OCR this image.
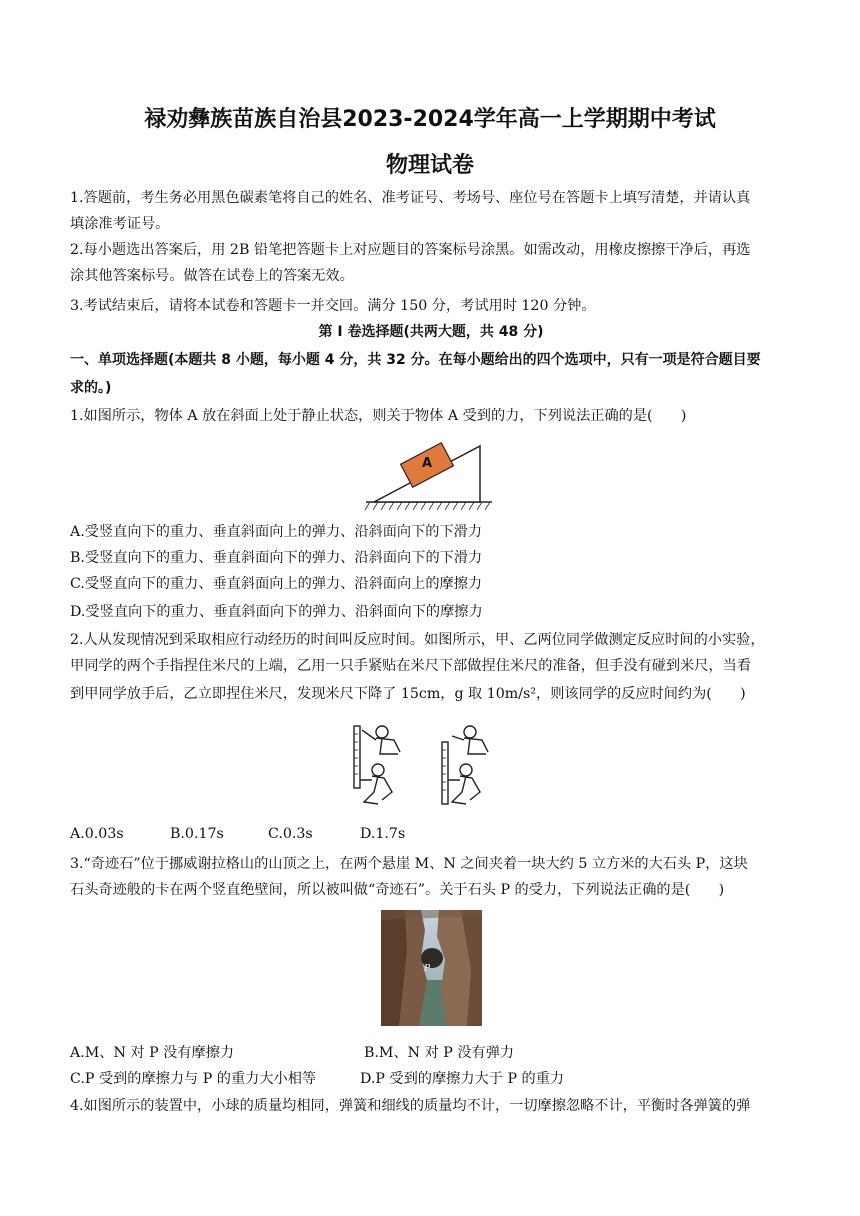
禄劝彝族苗族自治县2023-2024学年高一上学期期中考试
物理试卷
1.答题前，考生务必用黑色碳素笔将自己的姓名、准考证号、考场号、座位号在答题卡上填写清楚，并请认真
填涂准考证号。
2.每小题选出答案后，用 2B 铅笔把答题卡上对应题目的答案标号涂黑。如需改动，用橡皮擦擦干净后，再选
涂其他答案标号。做答在试卷上的答案无效。
3.考试结束后，请将本试卷和答题卡一并交回。满分 150 分，考试用时 120 分钟。
第 I 卷选择题(共两大题，共 48 分)
一、单项选择题(本题共 8 小题，每小题 4 分，共 32 分。在每小题给出的四个选项中，只有一项是符合题目要
求的。)
1.如图所示，物体 A 放在斜面上处于静止状态，则关于物体 A 受到的力，下列说法正确的是(　　)
A
A.受竖直向下的重力、垂直斜面向上的弹力、沿斜面向下的下滑力
B.受竖直向下的重力、垂直斜面向下的弹力、沿斜面向下的下滑力
C.受竖直向下的重力、垂直斜面向上的弹力、沿斜面向上的摩擦力
D.受竖直向下的重力、垂直斜面向下的弹力、沿斜面向下的摩擦力
2.人从发现情况到采取相应行动经历的时间叫反应时间。如图所示，甲、乙两位同学做测定反应时间的小实验，
甲同学的两个手指捏住米尺的上端，乙用一只手紧贴在米尺下部做捏住米尺的准备，但手没有碰到米尺，当看
到甲同学放手后，乙立即捏住米尺，发现米尺下降了 15cm，g 取 10m/s²，则该同学的反应时间约为(　　)
A.0.03s	B.0.17s	C.0.3s	D.1.7s
3.“奇迹石”位于挪威谢拉格山的山顶之上，在两个悬崖 M、N 之间夹着一块大约 5 立方米的大石头 P，这块
石头奇迹般的卡在两个竖直绝壁间，所以被叫做“奇迹石”。关于石头 P 的受力，下列说法正确的是(　　)
P
A.M、N 对 P 没有摩擦力	B.M、N 对 P 没有弹力
C.P 受到的摩擦力与 P 的重力大小相等	D.P 受到的摩擦力大于 P 的重力
4.如图所示的装置中，小球的质量均相同，弹簧和细线的质量均不计，一切摩擦忽略不计，平衡时各弹簧的弹
